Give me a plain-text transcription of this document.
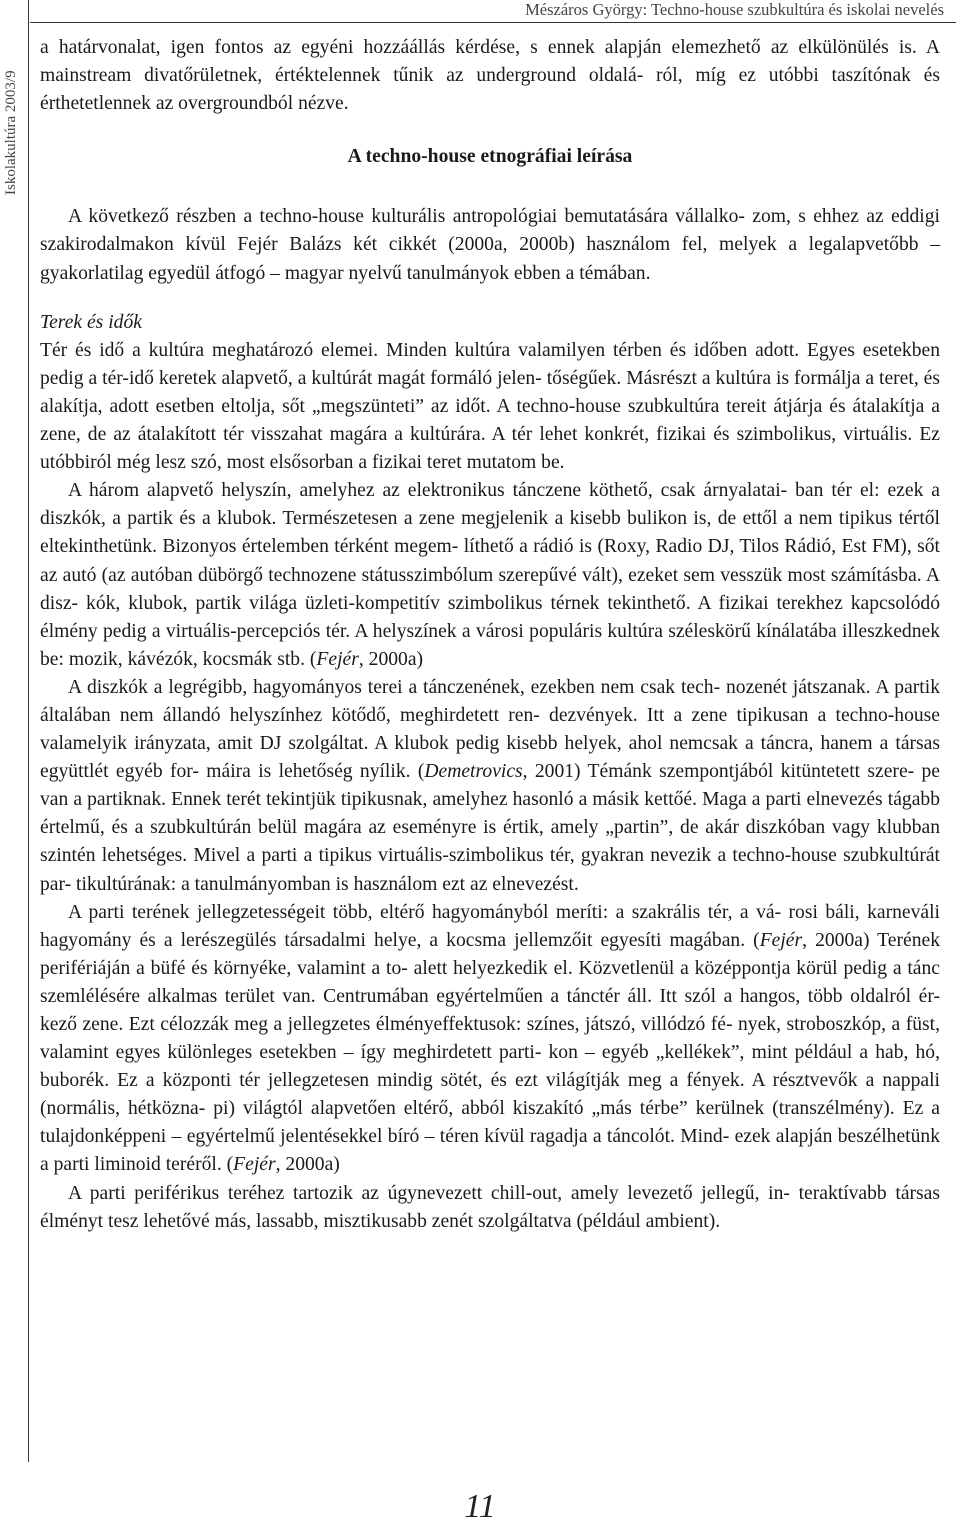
Iskolakultúra 2003/9
Mészáros György: Techno-house szubkultúra és iskolai nevelés

a határvonalat, igen fontos az egyéni hozzáállás kérdése, s ennek alapján elemezhető az elkülönülés is. A mainstream divatőrületnek, értéktelennek tűnik az underground oldalá- ról, míg ez utóbbi taszítónak és érthetetlennek az overgroundból nézve.

A techno-house etnográfiai leírása

A következő részben a techno-house kulturális antropológiai bemutatására vállalko- zom, s ehhez az eddigi szakirodalmakon kívül Fejér Balázs két cikkét (2000a, 2000b) használom fel, melyek a legalapvetőbb – gyakorlatilag egyedül átfogó – magyar nyelvű tanulmányok ebben a témában.

Terek és idők

Tér és idő a kultúra meghatározó elemei. Minden kultúra valamilyen térben és időben adott. Egyes esetekben pedig a tér-idő keretek alapvető, a kultúrát magát formáló jelen- tőségűek. Másrészt a kultúra is formálja a teret, és alakítja, adott esetben eltolja, sőt „megszünteti” az időt. A techno-house szubkultúra tereit átjárja és átalakítja a zene, de az átalakított tér visszahat magára a kultúrára. A tér lehet konkrét, fizikai és szimbolikus, virtuális. Ez utóbbiról még lesz szó, most elsősorban a fizikai teret mutatom be.

A három alapvető helyszín, amelyhez az elektronikus tánczene köthető, csak árnyalatai- ban tér el: ezek a diszkók, a partik és a klubok. Természetesen a zene megjelenik a kisebb bulikon is, de ettől a nem tipikus tértől eltekinthetünk. Bizonyos értelemben térként megem- líthető a rádió is (Roxy, Radio DJ, Tilos Rádió, Est FM), sőt az autó (az autóban dübörgő technozene státusszimbólum szerepűvé vált), ezeket sem vesszük most számításba. A disz- kók, klubok, partik világa üzleti-kompetitív szimbolikus térnek tekinthető. A fizikai terekhez kapcsolódó élmény pedig a virtuális-percepciós tér. A helyszínek a városi populáris kultúra széleskörű kínálatába illeszkednek be: mozik, kávézók, kocsmák stb. (Fejér, 2000a)

A diszkók a legrégibb, hagyományos terei a tánczenének, ezekben nem csak tech- nozenét játszanak. A partik általában nem állandó helyszínhez kötődő, meghirdetett ren- dezvények. Itt a zene tipikusan a techno-house valamelyik irányzata, amit DJ szolgáltat. A klubok pedig kisebb helyek, ahol nemcsak a táncra, hanem a társas együttlét egyéb for- máira is lehetőség nyílik. (Demetrovics, 2001) Témánk szempontjából kitüntetett szere- pe van a partiknak. Ennek terét tekintjük tipikusnak, amelyhez hasonló a másik kettőé. Maga a parti elnevezés tágabb értelmű, és a szubkultúrán belül magára az eseményre is értik, amely „partin”, de akár diszkóban vagy klubban szintén lehetséges. Mivel a parti a tipikus virtuális-szimbolikus tér, gyakran nevezik a techno-house szubkultúrát par- tikultúrának: a tanulmányomban is használom ezt az elnevezést.

A parti terének jellegzetességeit több, eltérő hagyományból meríti: a szakrális tér, a vá- rosi báli, karneváli hagyomány és a lerészegülés társadalmi helye, a kocsma jellemzőit egyesíti magában. (Fejér, 2000a) Terének perifériáján a büfé és környéke, valamint a to- alett helyezkedik el. Közvetlenül a középpontja körül pedig a tánc szemlélésére alkalmas terület van. Centrumában egyértelműen a tánctér áll. Itt szól a hangos, több oldalról ér- kező zene. Ezt célozzák meg a jellegzetes élményeffektusok: színes, játszó, villódzó fé- nyek, stroboszkóp, a füst, valamint egyes különleges esetekben – így meghirdetett parti- kon – egyéb „kellékek”, mint például a hab, hó, buborék. Ez a központi tér jellegzetesen mindig sötét, és ezt világítják meg a fények. A résztvevők a nappali (normális, hétközna- pi) világtól alapvetően eltérő, abból kiszakító „más térbe” kerülnek (transzélmény). Ez a tulajdonképpeni – egyértelmű jelentésekkel bíró – téren kívül ragadja a táncolót. Mind- ezek alapján beszélhetünk a parti liminoid teréről. (Fejér, 2000a)

A parti periférikus teréhez tartozik az úgynevezett chill-out, amely levezető jellegű, in- teraktívabb társas élményt tesz lehetővé más, lassabb, misztikusabb zenét szolgáltatva (például ambient).

11
